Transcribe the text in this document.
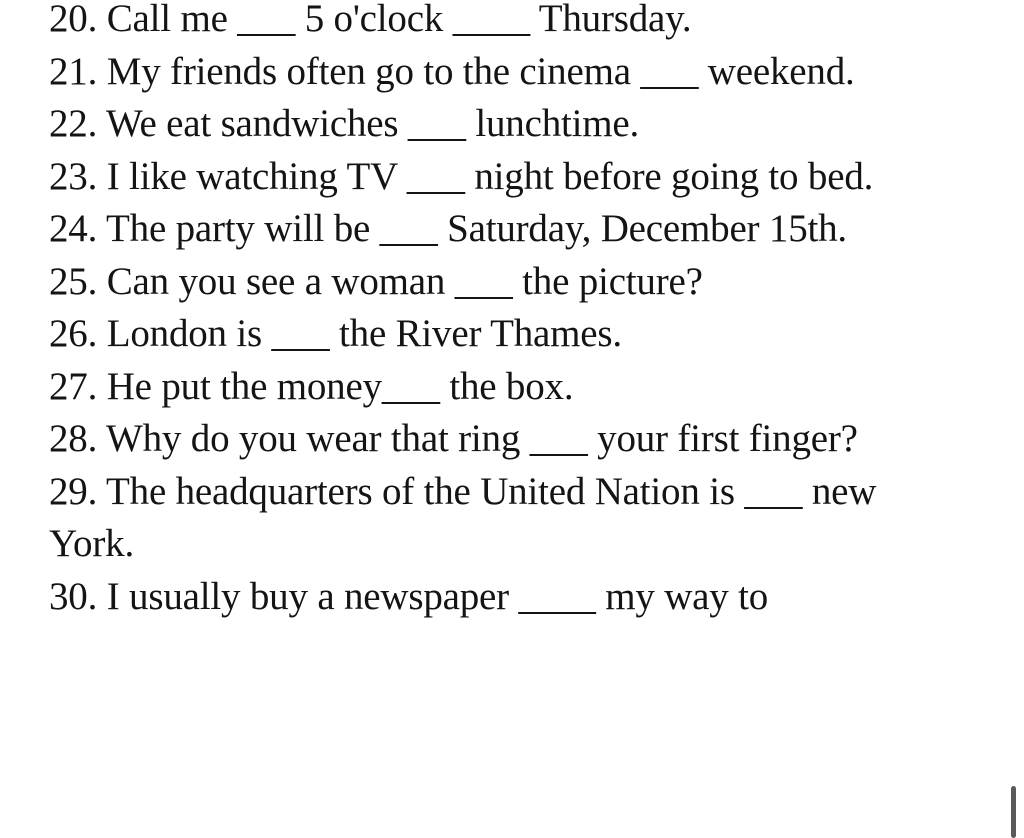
20. Call me ___ 5 o'clock ____ Thursday.
21. My friends often go to the cinema ___ weekend.
22. We eat sandwiches ___ lunchtime.
23. I like watching TV ___ night before going to bed.
24. The party will be ___ Saturday, December 15th.
25. Can you see a woman ___ the picture?
26. London is ___ the River Thames.
27. He put the money___ the box.
28. Why do you wear that ring ___ your first finger?
29. The headquarters of the United Nation is ___ new York.
30. I usually buy a newspaper ____ my way to
